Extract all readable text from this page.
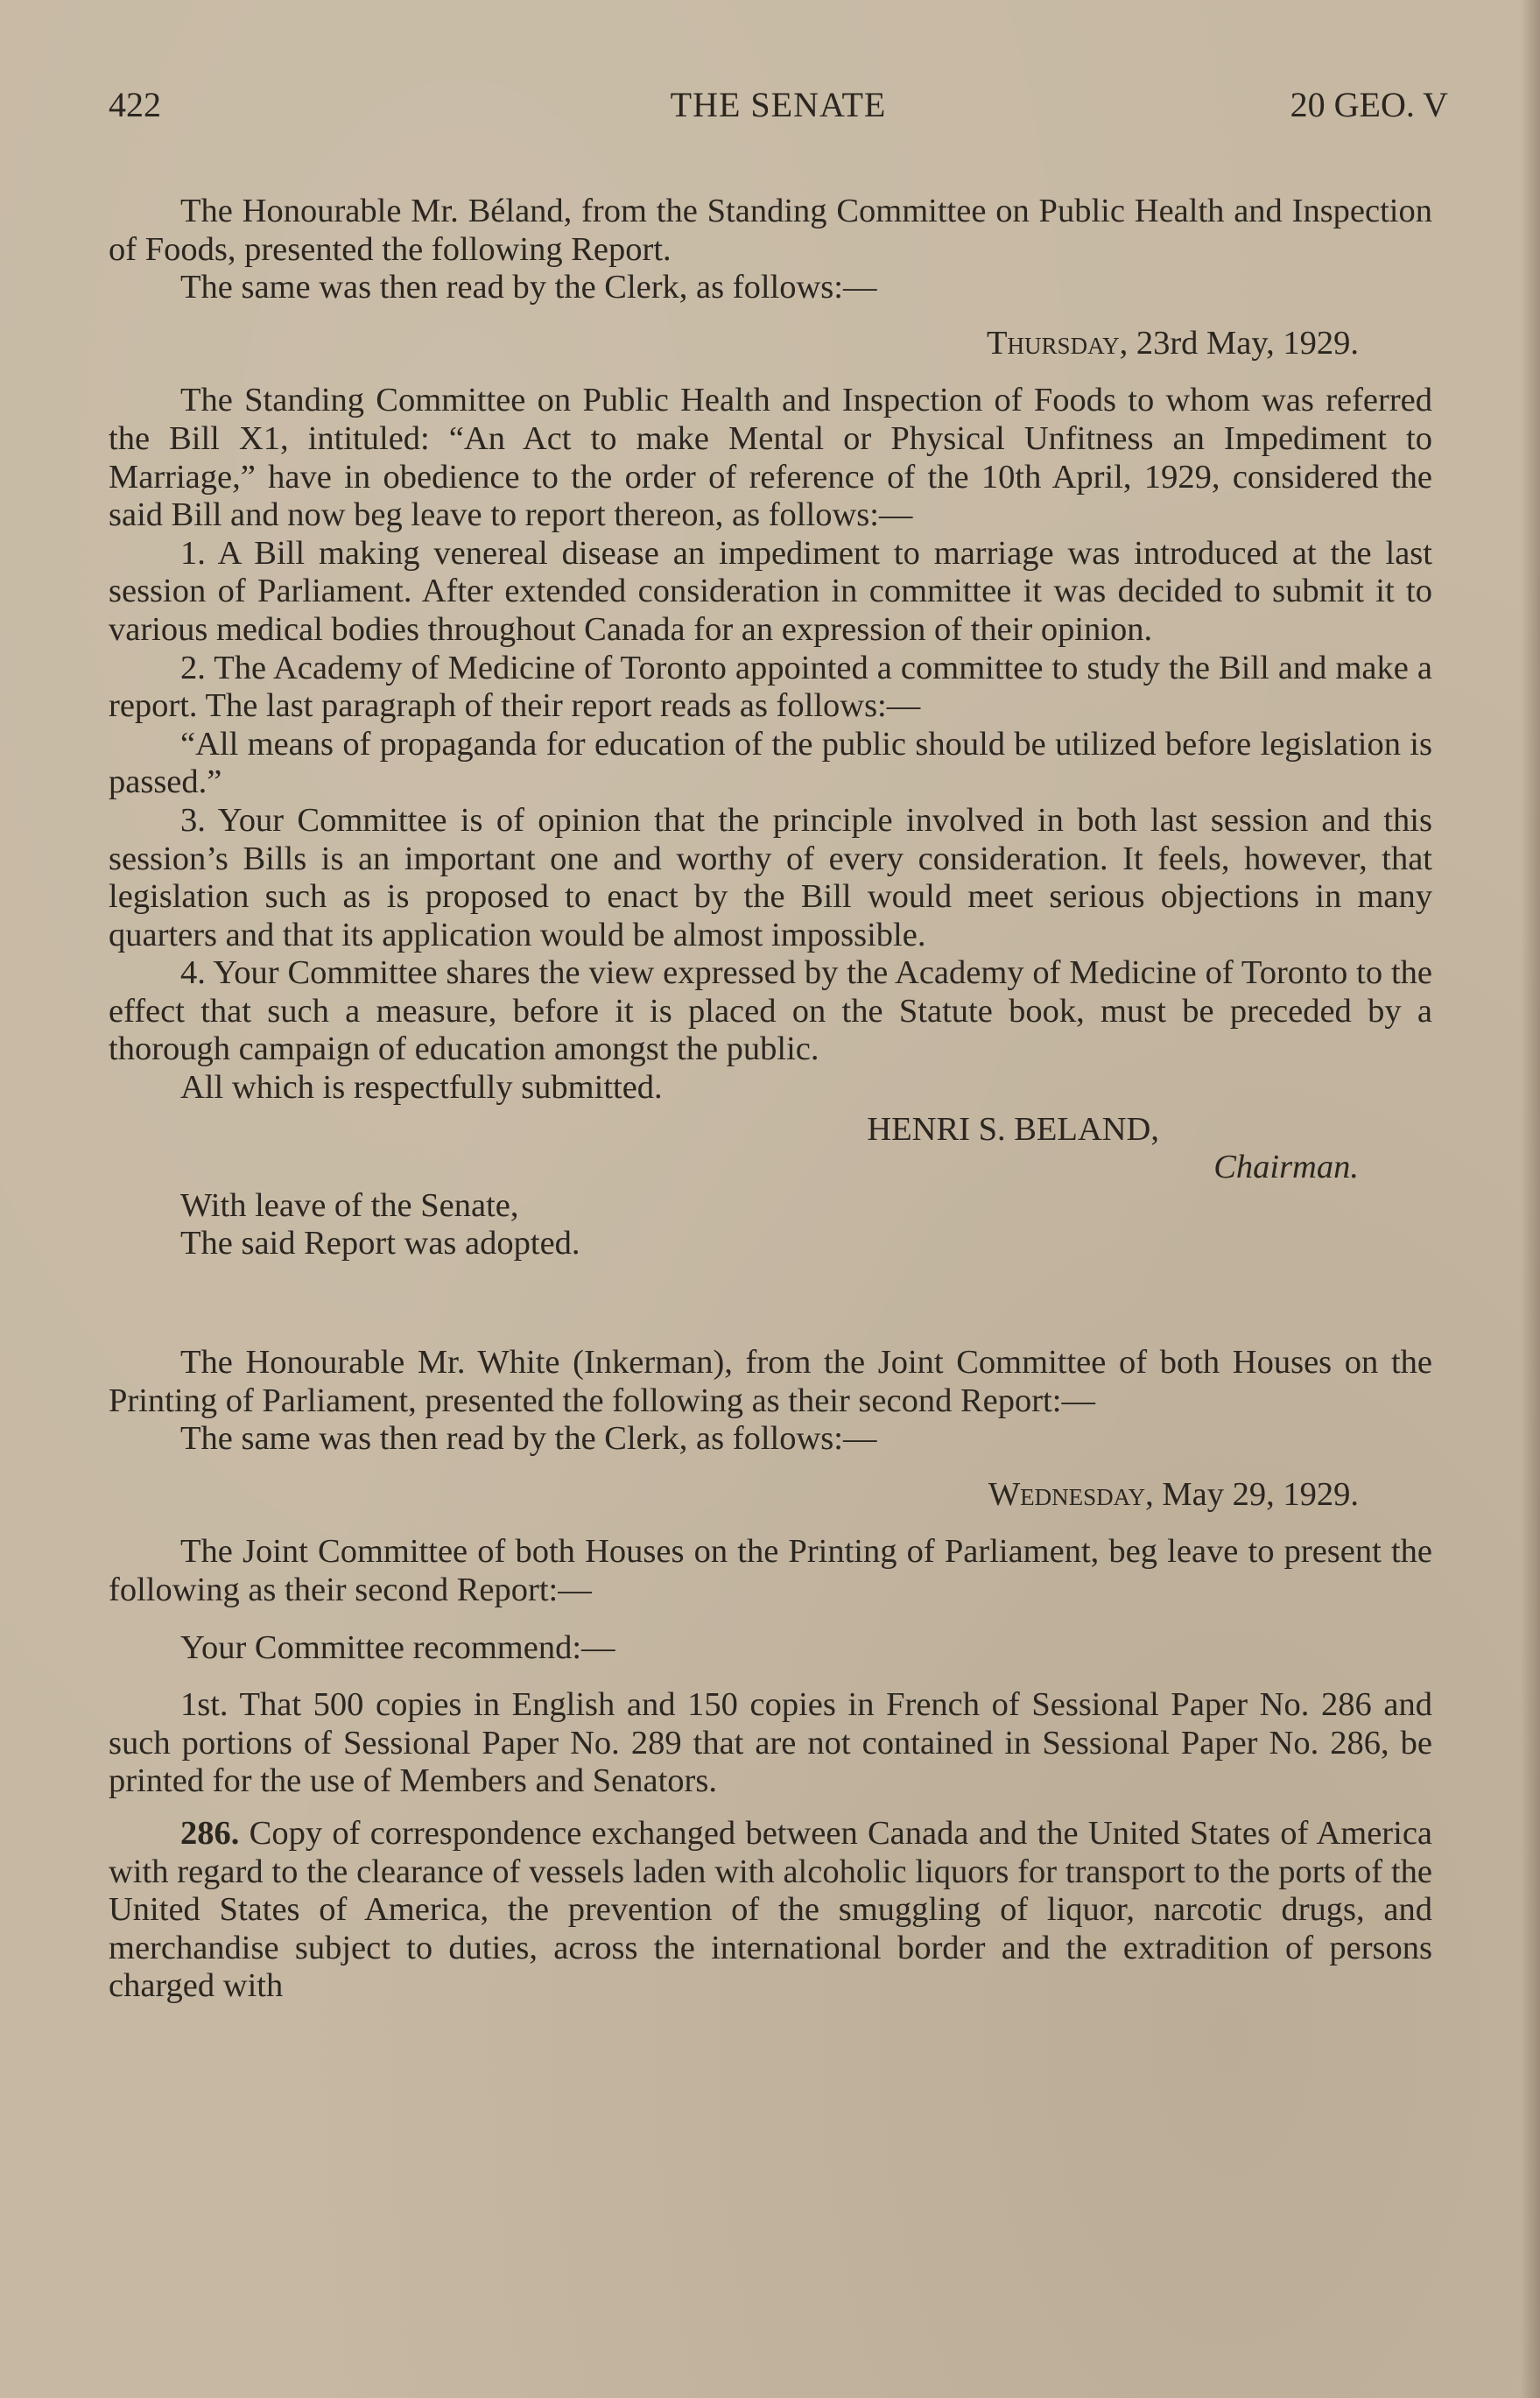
422	THE SENATE	20 GEO. V

The Honourable Mr. Béland, from the Standing Committee on Public Health and Inspection of Foods, presented the following Report.

The same was then read by the Clerk, as follows:—

Thursday, 23rd May, 1929.

The Standing Committee on Public Health and Inspection of Foods to whom was referred the Bill X1, intituled: “An Act to make Mental or Physical Unfitness an Impediment to Marriage,” have in obedience to the order of reference of the 10th April, 1929, considered the said Bill and now beg leave to report thereon, as follows:—

1. A Bill making venereal disease an impediment to marriage was introduced at the last session of Parliament. After extended consideration in committee it was decided to submit it to various medical bodies throughout Canada for an expression of their opinion.

2. The Academy of Medicine of Toronto appointed a committee to study the Bill and make a report. The last paragraph of their report reads as follows:—

“All means of propaganda for education of the public should be utilized before legislation is passed.”

3. Your Committee is of opinion that the principle involved in both last session and this session’s Bills is an important one and worthy of every consideration. It feels, however, that legislation such as is proposed to enact by the Bill would meet serious objections in many quarters and that its application would be almost impossible.

4. Your Committee shares the view expressed by the Academy of Medicine of Toronto to the effect that such a measure, before it is placed on the Statute book, must be preceded by a thorough campaign of education amongst the public.

All which is respectfully submitted.

HENRI S. BELAND,

Chairman.

With leave of the Senate,

The said Report was adopted.

The Honourable Mr. White (Inkerman), from the Joint Committee of both Houses on the Printing of Parliament, presented the following as their second Report:—

The same was then read by the Clerk, as follows:—

Wednesday, May 29, 1929.

The Joint Committee of both Houses on the Printing of Parliament, beg leave to present the following as their second Report:—

Your Committee recommend:—

1st. That 500 copies in English and 150 copies in French of Sessional Paper No. 286 and such portions of Sessional Paper No. 289 that are not contained in Sessional Paper No. 286, be printed for the use of Members and Senators.

286. Copy of correspondence exchanged between Canada and the United States of America with regard to the clearance of vessels laden with alcoholic liquors for transport to the ports of the United States of America, the prevention of the smuggling of liquor, narcotic drugs, and merchandise subject to duties, across the international border and the extradition of persons charged with
